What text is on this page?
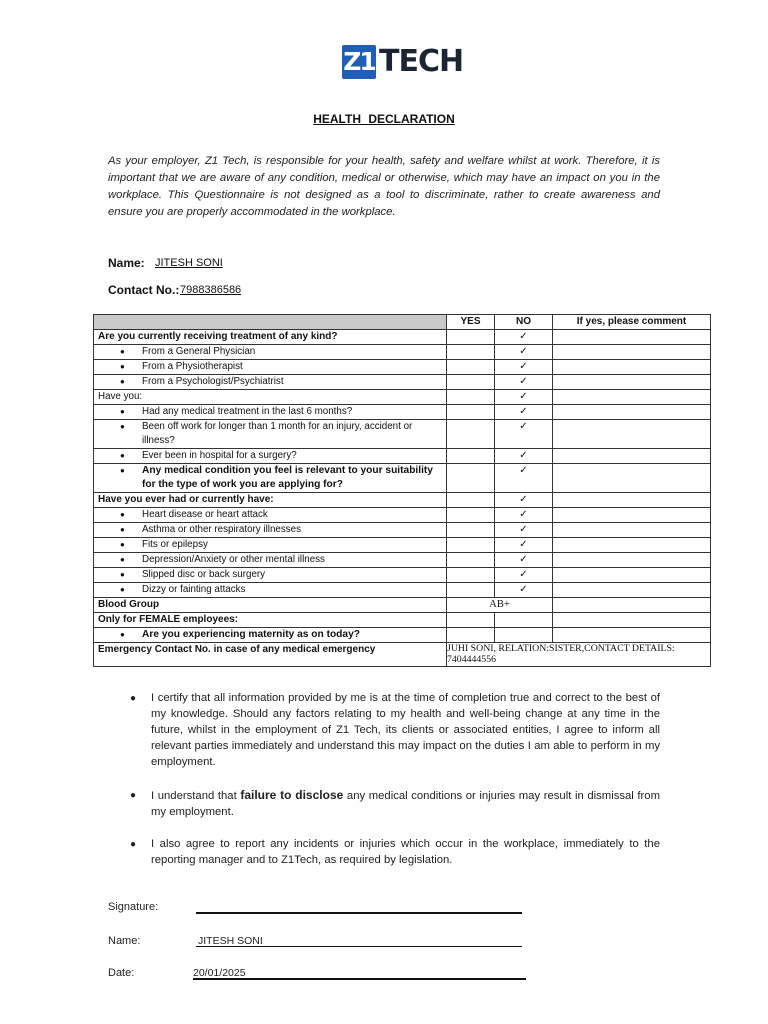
Z1 TECH
HEALTH DECLARATION
As your employer, Z1 Tech, is responsible for your health, safety and welfare whilst at work. Therefore, it is important that we are aware of any condition, medical or otherwise, which may have an impact on you in the workplace. This Questionnaire is not designed as a tool to discriminate, rather to create awareness and ensure you are properly accommodated in the workplace.
Name: JITESH SONI
Contact No.: 7988386586
	YES	NO	If yes, please comment
Are you currently receiving treatment of any kind?		✓	

● From a General Physician		✓	

● From a Physiotherapist		✓	

● From a Psychologist/Psychiatrist		✓	
Have you:		✓	

● Had any medical treatment in the last 6 months?		✓	

● Been off work for longer than 1 month for an injury, accident or illness?		✓	

● Ever been in hospital for a surgery?		✓	

● Any medical condition you feel is relevant to your suitability for the type of work you are applying for?		✓	
Have you ever had or currently have:		✓	

● Heart disease or heart attack		✓	

● Asthma or other respiratory illnesses		✓	

● Fits or epilepsy		✓	

● Depression/Anxiety or other mental illness		✓	

● Slipped disc or back surgery		✓	

● Dizzy or fainting attacks		✓	
Blood Group	AB+		
Only for FEMALE employees:			

● Are you experiencing maternity as on today?

Emergency Contact No. in case of any medical emergency	JUHI SONI, RELATION:SISTER,CONTACT DETAILS: 7404444556		
● I certify that all information provided by me is at the time of completion true and correct to the best of my knowledge. Should any factors relating to my health and well-being change at any time in the future, whilst in the employment of Z1 Tech, its clients or associated entities, I agree to inform all relevant parties immediately and understand this may impact on the duties I am able to perform in my employment.
● I understand that failure to disclose any medical conditions or injuries may result in dismissal from my employment.
● I also agree to report any incidents or injuries which occur in the workplace, immediately to the reporting manager and to Z1Tech, as required by legislation.
Signature:
Name:	JITESH SONI
Date:	20/01/2025
